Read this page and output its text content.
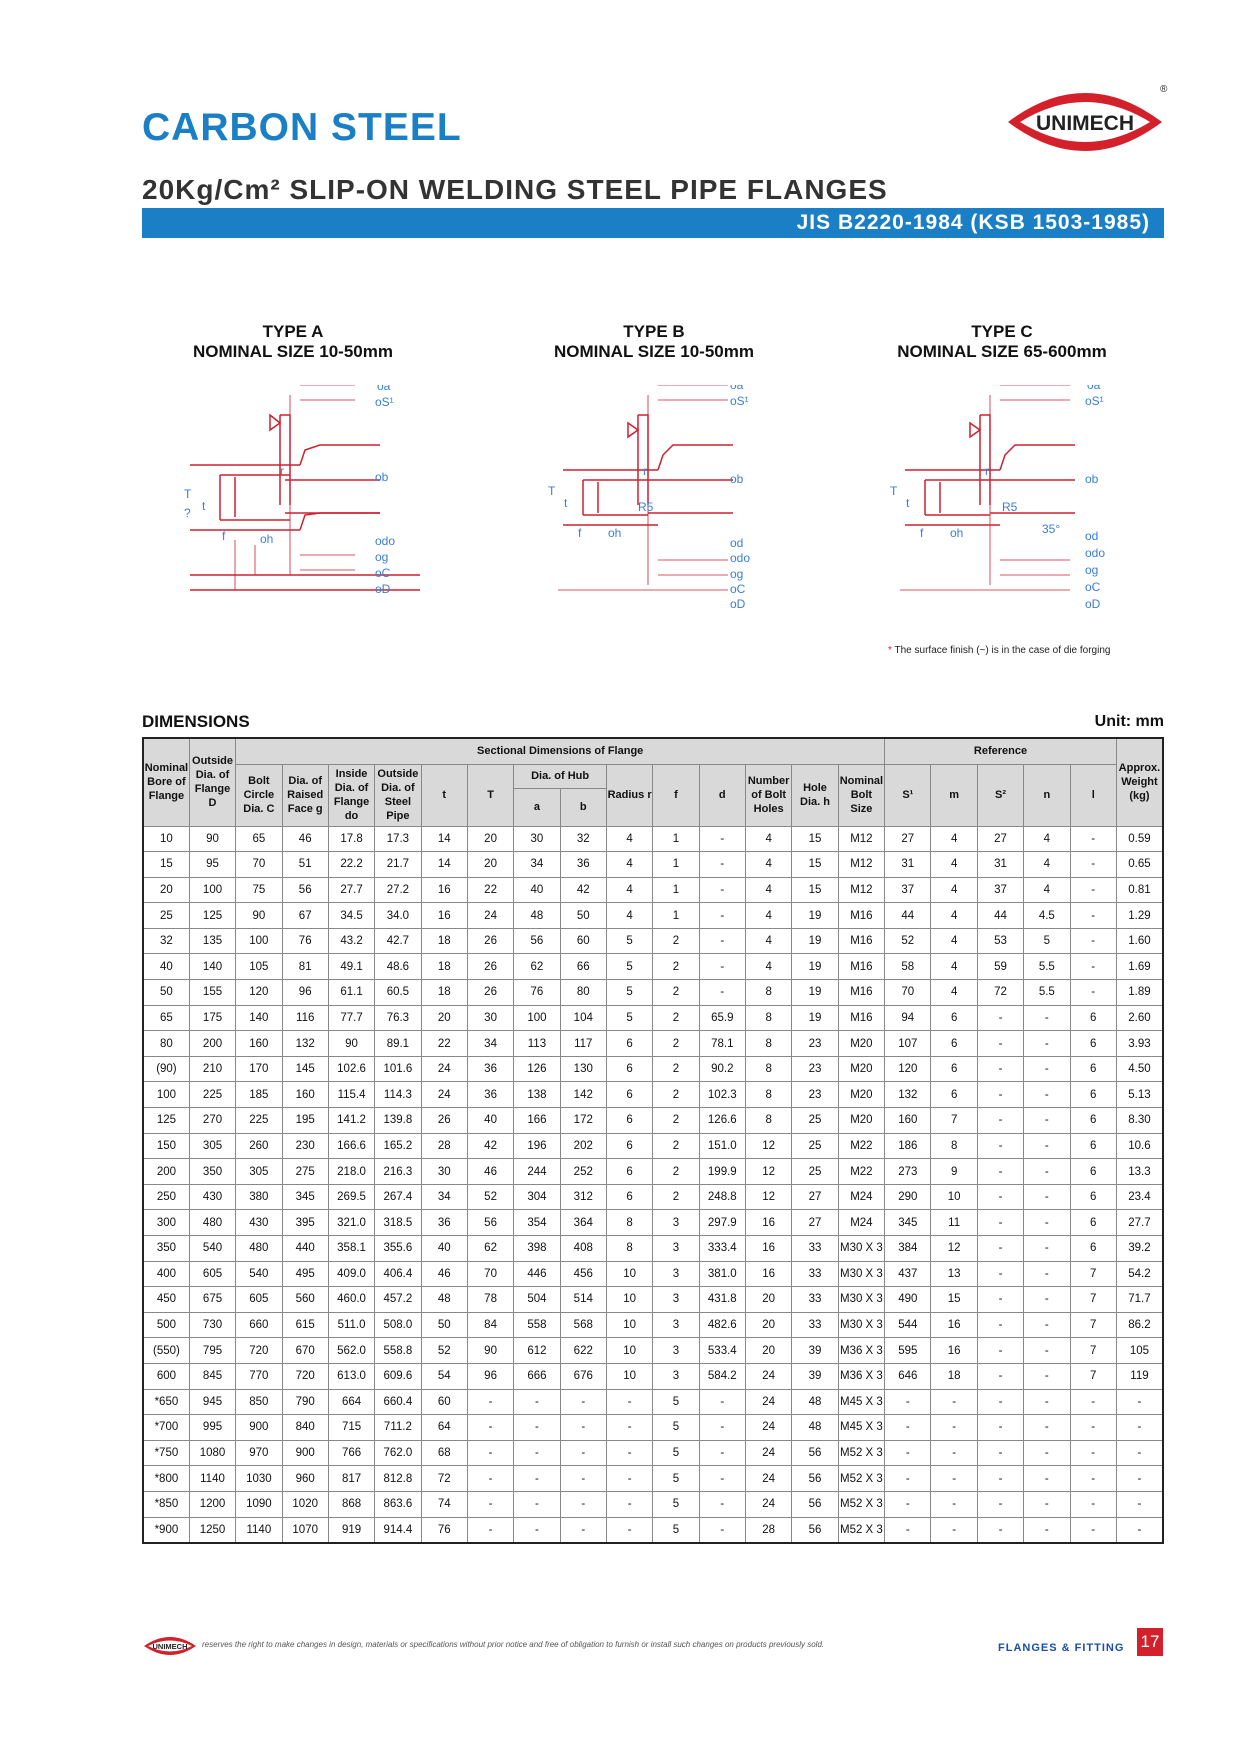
CARBON STEEL
20Kg/Cm² SLIP-ON WELDING STEEL PIPE FLANGES
JIS B2220-1984 (KSB 1503-1985)
UNIMECH
®
TYPE A
NOMINAL SIZE 10-50mm
TYPE B
NOMINAL SIZE 10-50mm
TYPE C
NOMINAL SIZE 65-600mm
oa
oS¹
ob
odo
og
oC
oD
T
t
r
f	oh
?
oa
oS¹
ob
od
odo
og
oC
oD
T
t
r
f oh
R5
oa
oS¹
ob
od
odo
og
oC
oD
T
t
r
f oh
R5
35°
* The surface finish (~) is in the case of die forging
DIMENSIONS	Unit: mm
Nominal Bore of Flange	Outside Dia. of Flange D	Sectional Dimensions of Flange														Reference					Approx. Weight (kg)
		Bolt Circle Dia. C	Dia. of Raised Face g	Inside Dia. of Flange do	Outside Dia. of Steel Pipe	t	T	Dia. of Hub		Radius r	f	d	Number of Bolt Holes	Hole Dia. h	Nominal Bolt Size	S¹	m	S²	n	l	
								a	b												
10	90	65	46	17.8	17.3	14	20	30	32	4	1	-	4	15	M12	27	4	27	4	-	0.59
15	95	70	51	22.2	21.7	14	20	34	36	4	1	-	4	15	M12	31	4	31	4	-	0.65
20	100	75	56	27.7	27.2	16	22	40	42	4	1	-	4	15	M12	37	4	37	4	-	0.81
25	125	90	67	34.5	34.0	16	24	48	50	4	1	-	4	19	M16	44	4	44	4.5	-	1.29
32	135	100	76	43.2	42.7	18	26	56	60	5	2	-	4	19	M16	52	4	53	5	-	1.60
40	140	105	81	49.1	48.6	18	26	62	66	5	2	-	4	19	M16	58	4	59	5.5	-	1.69
50	155	120	96	61.1	60.5	18	26	76	80	5	2	-	8	19	M16	70	4	72	5.5	-	1.89
65	175	140	116	77.7	76.3	20	30	100	104	5	2	65.9	8	19	M16	94	6	-	-	6	2.60
80	200	160	132	90	89.1	22	34	113	117	6	2	78.1	8	23	M20	107	6	-	-	6	3.93
(90)	210	170	145	102.6	101.6	24	36	126	130	6	2	90.2	8	23	M20	120	6	-	-	6	4.50
100	225	185	160	115.4	114.3	24	36	138	142	6	2	102.3	8	23	M20	132	6	-	-	6	5.13
125	270	225	195	141.2	139.8	26	40	166	172	6	2	126.6	8	25	M20	160	7	-	-	6	8.30
150	305	260	230	166.6	165.2	28	42	196	202	6	2	151.0	12	25	M22	186	8	-	-	6	10.6
200	350	305	275	218.0	216.3	30	46	244	252	6	2	199.9	12	25	M22	273	9	-	-	6	13.3
250	430	380	345	269.5	267.4	34	52	304	312	6	2	248.8	12	27	M24	290	10	-	-	6	23.4
300	480	430	395	321.0	318.5	36	56	354	364	8	3	297.9	16	27	M24	345	11	-	-	6	27.7
350	540	480	440	358.1	355.6	40	62	398	408	8	3	333.4	16	33	M30 X 3	384	12	-	-	6	39.2
400	605	540	495	409.0	406.4	46	70	446	456	10	3	381.0	16	33	M30 X 3	437	13	-	-	7	54.2
450	675	605	560	460.0	457.2	48	78	504	514	10	3	431.8	20	33	M30 X 3	490	15	-	-	7	71.7
500	730	660	615	511.0	508.0	50	84	558	568	10	3	482.6	20	33	M30 X 3	544	16	-	-	7	86.2
(550)	795	720	670	562.0	558.8	52	90	612	622	10	3	533.4	20	39	M36 X 3	595	16	-	-	7	105
600	845	770	720	613.0	609.6	54	96	666	676	10	3	584.2	24	39	M36 X 3	646	18	-	-	7	119
*650	945	850	790	664	660.4	60	-	-	-	-	5	-	24	48	M45 X 3	-	-	-	-	-	-
*700	995	900	840	715	711.2	64	-	-	-	-	5	-	24	48	M45 X 3	-	-	-	-	-	-
*750	1080	970	900	766	762.0	68	-	-	-	-	5	-	24	56	M52 X 3	-	-	-	-	-	-
*800	1140	1030	960	817	812.8	72	-	-	-	-	5	-	24	56	M52 X 3	-	-	-	-	-	-
*850	1200	1090	1020	868	863.6	74	-	-	-	-	5	-	24	56	M52 X 3	-	-	-	-	-	-
*900	1250	1140	1070	919	914.4	76	-	-	-	-	5	-	28	56	M52 X 3	-	-	-	-	-	-
UNIMECH reserves the right to make changes in design, materials or specifications without prior notice and free of obligation to furnish or install such changes on products previously sold.	FLANGES & FITTING 17
